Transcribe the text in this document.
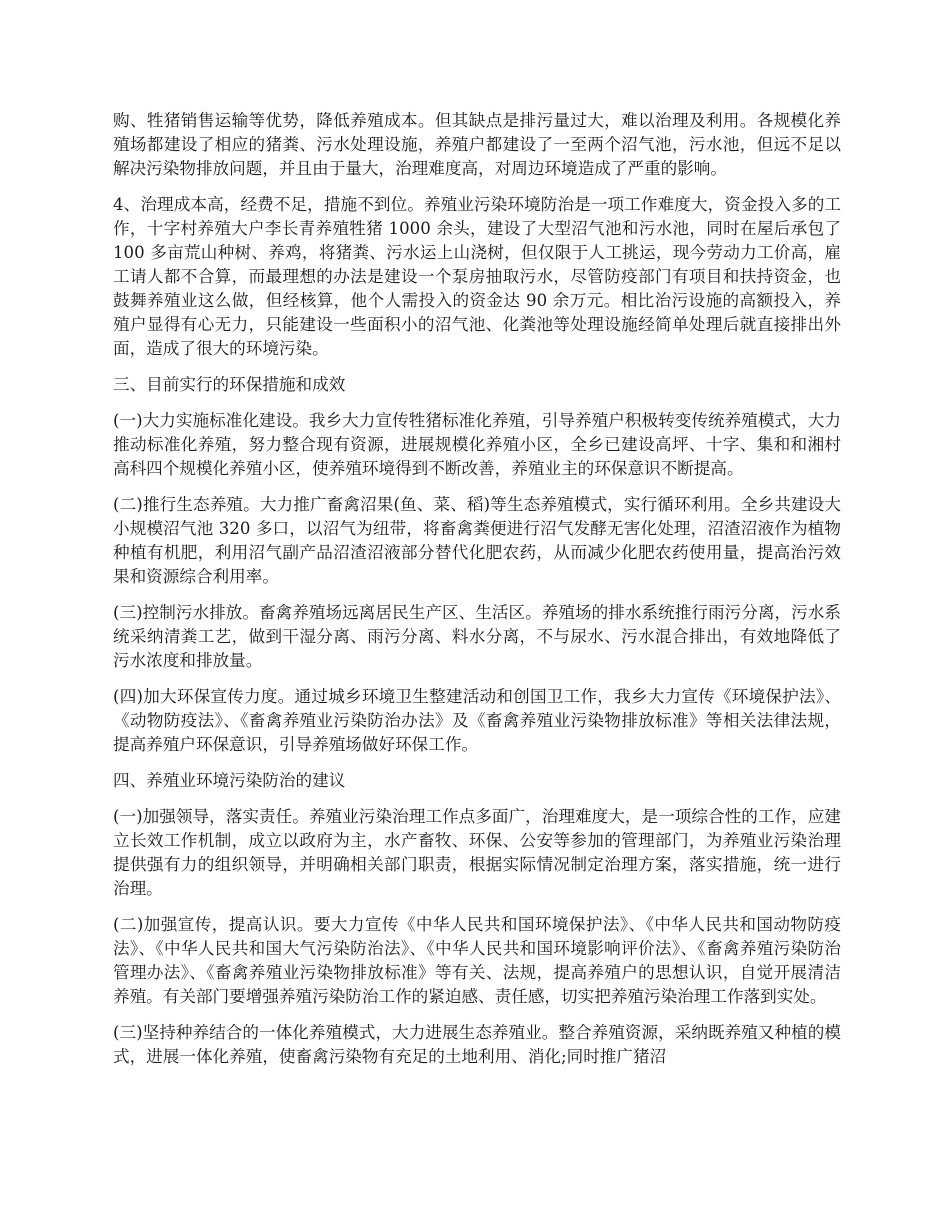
购、牲猪销售运输等优势，降低养殖成本。但其缺点是排污量过大，难以治理及利用。各规模化养殖场都建设了相应的猪粪、污水处理设施，养殖户都建设了一至两个沼气池，污水池，但远不足以解决污染物排放问题，并且由于量大，治理难度高，对周边环境造成了严重的影响。

4、治理成本高，经费不足，措施不到位。养殖业污染环境防治是一项工作难度大，资金投入多的工作，十字村养殖大户李长青养殖牲猪 1000 余头，建设了大型沼气池和污水池，同时在屋后承包了 100 多亩荒山种树、养鸡，将猪粪、污水运上山浇树，但仅限于人工挑运，现今劳动力工价高，雇工请人都不合算，而最理想的办法是建设一个泵房抽取污水，尽管防疫部门有项目和扶持资金，也鼓舞养殖业这么做，但经核算，他个人需投入的资金达 90 余万元。相比治污设施的高额投入，养殖户显得有心无力，只能建设一些面积小的沼气池、化粪池等处理设施经简单处理后就直接排出外面，造成了很大的环境污染。

三、目前实行的环保措施和成效

(一)大力实施标准化建设。我乡大力宣传牲猪标准化养殖，引导养殖户积极转变传统养殖模式，大力推动标准化养殖，努力整合现有资源，进展规模化养殖小区，全乡已建设高坪、十字、集和和湘村高科四个规模化养殖小区，使养殖环境得到不断改善，养殖业主的环保意识不断提高。

(二)推行生态养殖。大力推广畜禽沼果(鱼、菜、稻)等生态养殖模式，实行循环利用。全乡共建设大小规模沼气池 320 多口，以沼气为纽带，将畜禽粪便进行沼气发酵无害化处理，沼渣沼液作为植物种植有机肥，利用沼气副产品沼渣沼液部分替代化肥农药，从而减少化肥农药使用量，提高治污效果和资源综合利用率。

(三)控制污水排放。畜禽养殖场远离居民生产区、生活区。养殖场的排水系统推行雨污分离，污水系统采纳清粪工艺，做到干湿分离、雨污分离、料水分离，不与尿水、污水混合排出，有效地降低了污水浓度和排放量。

(四)加大环保宣传力度。通过城乡环境卫生整建活动和创国卫工作，我乡大力宣传《环境保护法》、《动物防疫法》、《畜禽养殖业污染防治办法》及《畜禽养殖业污染物排放标准》等相关法律法规，提高养殖户环保意识，引导养殖场做好环保工作。

四、养殖业环境污染防治的建议

(一)加强领导，落实责任。养殖业污染治理工作点多面广，治理难度大，是一项综合性的工作，应建立长效工作机制，成立以政府为主，水产畜牧、环保、公安等参加的管理部门，为养殖业污染治理提供强有力的组织领导，并明确相关部门职责，根据实际情况制定治理方案，落实措施，统一进行治理。

(二)加强宣传，提高认识。要大力宣传《中华人民共和国环境保护法》、《中华人民共和国动物防疫法》、《中华人民共和国大气污染防治法》、《中华人民共和国环境影响评价法》、《畜禽养殖污染防治管理办法》、《畜禽养殖业污染物排放标准》等有关、法规，提高养殖户的思想认识，自觉开展清洁养殖。有关部门要增强养殖污染防治工作的紧迫感、责任感，切实把养殖污染治理工作落到实处。

(三)坚持种养结合的一体化养殖模式，大力进展生态养殖业。整合养殖资源，采纳既养殖又种植的模式，进展一体化养殖，使畜禽污染物有充足的土地利用、消化;同时推广猪沼
